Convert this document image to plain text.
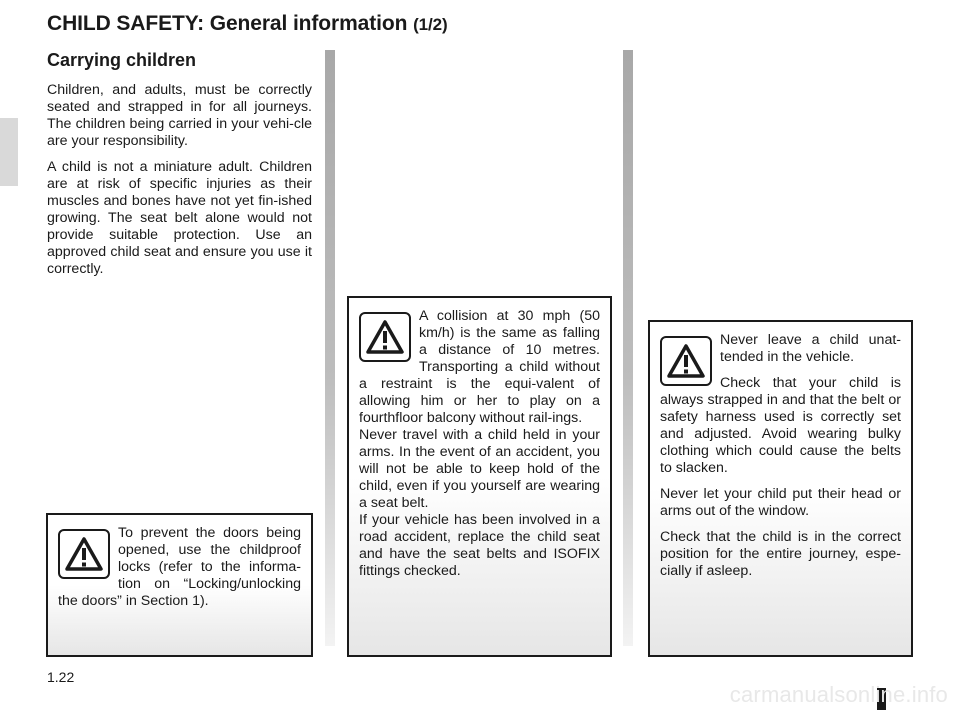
CHILD SAFETY: General information (1/2)
Carrying children

Children, and adults, must be correctly seated and strapped in for all journeys. The children being carried in your vehi-cle are your responsibility.

A child is not a miniature adult. Children are at risk of specific injuries as their muscles and bones have not yet fin-ished growing. The seat belt alone would not provide suitable protection. Use an approved child seat and ensure you use it correctly.

To prevent the doors being opened, use the childproof locks (refer to the informa-tion on “Locking/unlocking the doors” in Section 1).

A collision at 30 mph (50 km/h) is the same as falling a distance of 10 metres. Transporting a child without a restraint is the equi-valent of allowing him or her to play on a fourthfloor balcony without rail-ings.

Never travel with a child held in your arms. In the event of an accident, you will not be able to keep hold of the child, even if you yourself are wearing a seat belt.

If your vehicle has been involved in a road accident, replace the child seat and have the seat belts and ISOFIX fittings checked.

Never leave a child unat-tended in the vehicle.

Check that your child is always strapped in and that the belt or safety harness used is correctly set and adjusted. Avoid wearing bulky clothing which could cause the belts to slacken.

Never let your child put their head or arms out of the window.

Check that the child is in the correct position for the entire journey, espe-cially if asleep.

1.22
carmanualsonline.info
